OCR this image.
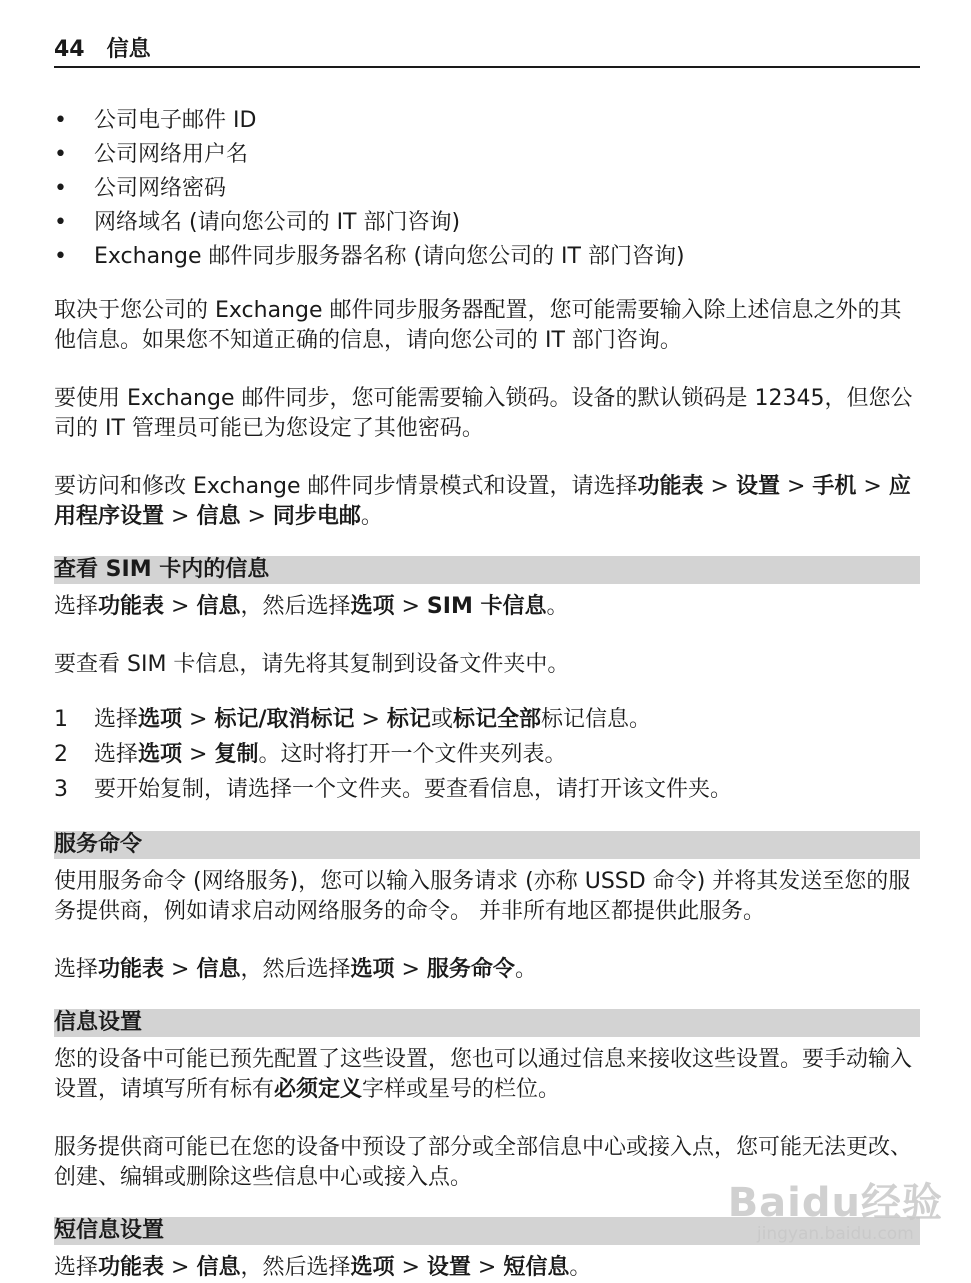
44 信息
•	公司电子邮件 ID
•	公司网络用户名
•	公司网络密码
•	网络域名 (请向您公司的 IT 部门咨询)
•	Exchange 邮件同步服务器名称 (请向您公司的 IT 部门咨询)

取决于您公司的 Exchange 邮件同步服务器配置，您可能需要输入除上述信息之外的其他信息。如果您不知道正确的信息，请向您公司的 IT 部门咨询。

要使用 Exchange 邮件同步，您可能需要输入锁码。设备的默认锁码是 12345，但您公司的 IT 管理员可能已为您设定了其他密码。

要访问和修改 Exchange 邮件同步情景模式和设置，请选择功能表 > 设置 > 手机 > 应用程序设置 > 信息 > 同步电邮。

查看 SIM 卡内的信息

选择功能表 > 信息，然后选择选项 > SIM 卡信息。

要查看 SIM 卡信息，请先将其复制到设备文件夹中。

1	选择选项 > 标记/取消标记 > 标记或标记全部标记信息。
2	选择选项 > 复制。这时将打开一个文件夹列表。
3	要开始复制，请选择一个文件夹。要查看信息，请打开该文件夹。
服务命令

使用服务命令 (网络服务)，您可以输入服务请求 (亦称 USSD 命令) 并将其发送至您的服务提供商，例如请求启动网络服务的命令。 并非所有地区都提供此服务。

选择功能表 > 信息，然后选择选项 > 服务命令。

信息设置

您的设备中可能已预先配置了这些设置，您也可以通过信息来接收这些设置。要手动输入设置，请填写所有标有必须定义字样或星号的栏位。

服务提供商可能已在您的设备中预设了部分或全部信息中心或接入点，您可能无法更改、创建、编辑或删除这些信息中心或接入点。

短信息设置

选择功能表 > 信息，然后选择选项 > 设置 > 短信息。

Baidu经验
jingyan.baidu.com
